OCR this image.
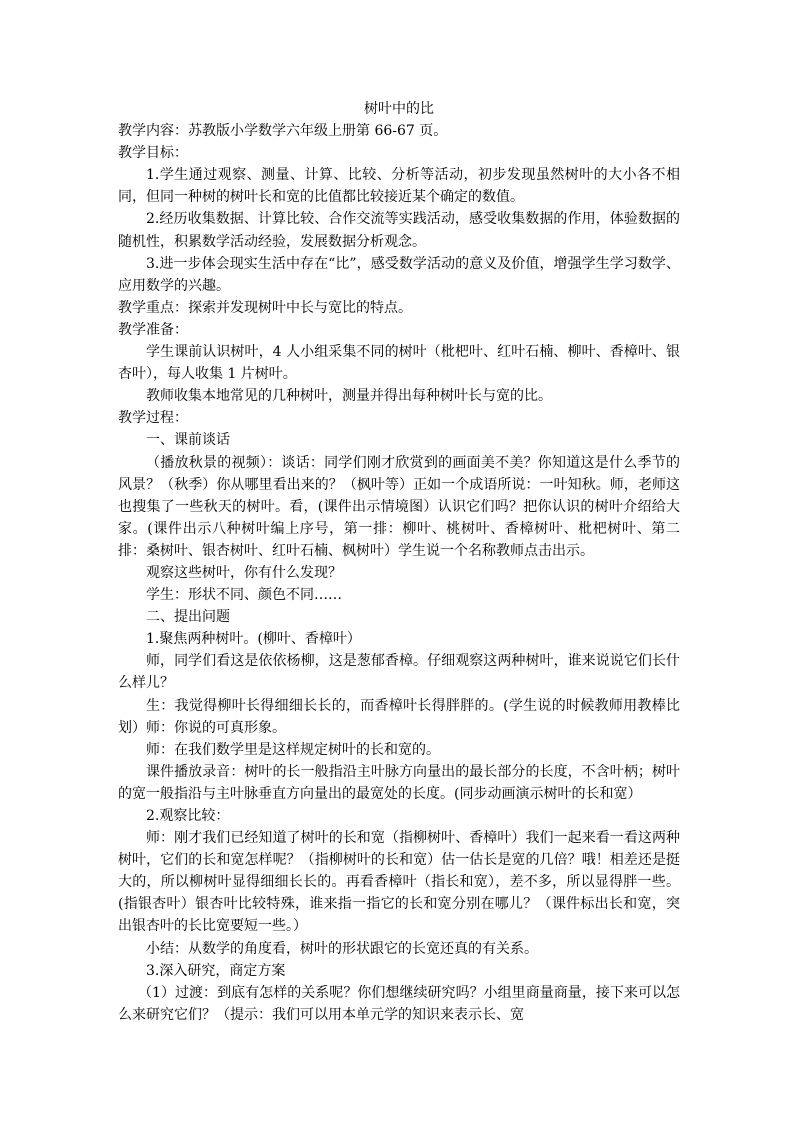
树叶中的比

教学内容：苏教版小学数学六年级上册第 66-67 页。

教学目标：

1.学生通过观察、测量、计算、比较、分析等活动，初步发现虽然树叶的大小各不相同，但同一种树的树叶长和宽的比值都比较接近某个确定的数值。

2.经历收集数据、计算比较、合作交流等实践活动，感受收集数据的作用，体验数据的随机性，积累数学活动经验，发展数据分析观念。

3.进一步体会现实生活中存在“比”，感受数学活动的意义及价值，增强学生学习数学、应用数学的兴趣。

教学重点：探索并发现树叶中长与宽比的特点。

教学准备：

学生课前认识树叶，4 人小组采集不同的树叶（枇杷叶、红叶石楠、柳叶、香樟叶、银杏叶），每人收集 1 片树叶。

教师收集本地常见的几种树叶，测量并得出每种树叶长与宽的比。

教学过程：

一、课前谈话

（播放秋景的视频）：谈话：同学们刚才欣赏到的画面美不美？你知道这是什么季节的风景？（秋季）你从哪里看出来的？（枫叶等）正如一个成语所说：一叶知秋。师，老师这也搜集了一些秋天的树叶。看，(课件出示情境图）认识它们吗？把你认识的树叶介绍给大家。(课件出示八种树叶编上序号，第一排：柳叶、桃树叶、香樟树叶、枇杷树叶、第二排：桑树叶、银杏树叶、红叶石楠、枫树叶）学生说一个名称教师点击出示。

观察这些树叶，你有什么发现？

学生：形状不同、颜色不同……

二、提出问题

1.聚焦两种树叶。(柳叶、香樟叶）

师，同学们看这是依依杨柳，这是葱郁香樟。仔细观察这两种树叶，谁来说说它们长什么样儿？

生：我觉得柳叶长得细细长长的，而香樟叶长得胖胖的。(学生说的时候教师用教棒比划）师：你说的可真形象。

师：在我们数学里是这样规定树叶的长和宽的。

课件播放录音：树叶的长一般指沿主叶脉方向量出的最长部分的长度，不含叶柄；树叶的宽一般指沿与主叶脉垂直方向量出的最宽处的长度。(同步动画演示树叶的长和宽）

2.观察比较：

师：刚才我们已经知道了树叶的长和宽（指柳树叶、香樟叶）我们一起来看一看这两种树叶，它们的长和宽怎样呢？（指柳树叶的长和宽）估一估长是宽的几倍？哦！相差还是挺大的，所以柳树叶显得细细长长的。再看香樟叶（指长和宽），差不多，所以显得胖一些。(指银杏叶）银杏叶比较特殊，谁来指一指它的长和宽分别在哪儿？（课件标出长和宽，突出银杏叶的长比宽要短一些。）

小结：从数学的角度看，树叶的形状跟它的长宽还真的有关系。

3.深入研究，商定方案

（1）过渡：到底有怎样的关系呢？你们想继续研究吗？小组里商量商量，接下来可以怎么来研究它们？（提示：我们可以用本单元学的知识来表示长、宽
